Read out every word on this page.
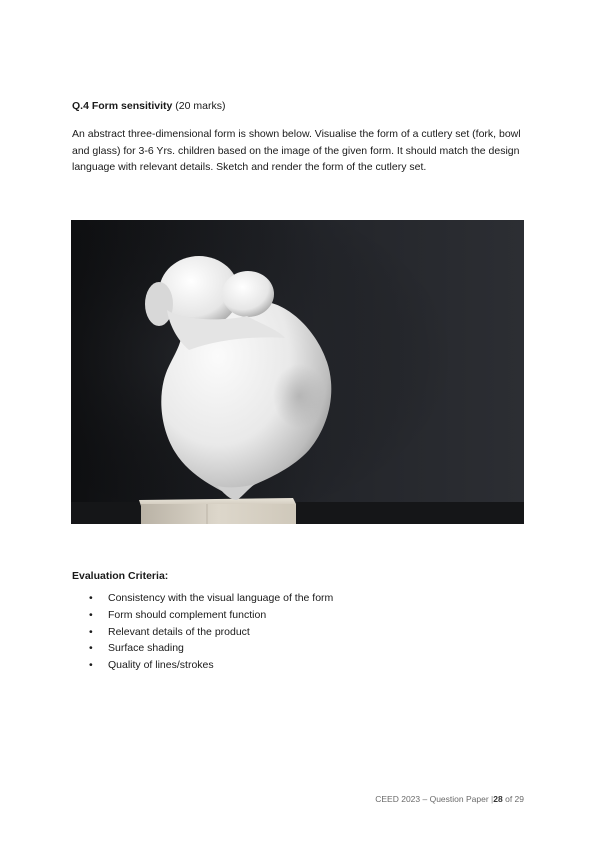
Q.4 Form sensitivity (20 marks)
An abstract three-dimensional form is shown below. Visualise the form of a cutlery set (fork, bowl and glass) for 3-6 Yrs. children based on the image of the given form. It should match the design language with relevant details. Sketch and render the form of the cutlery set.
Evaluation Criteria:
• Consistency with the visual language of the form
• Form should complement function
• Relevant details of the product
• Surface shading
• Quality of lines/strokes
CEED 2023 – Question Paper |28 of 29
